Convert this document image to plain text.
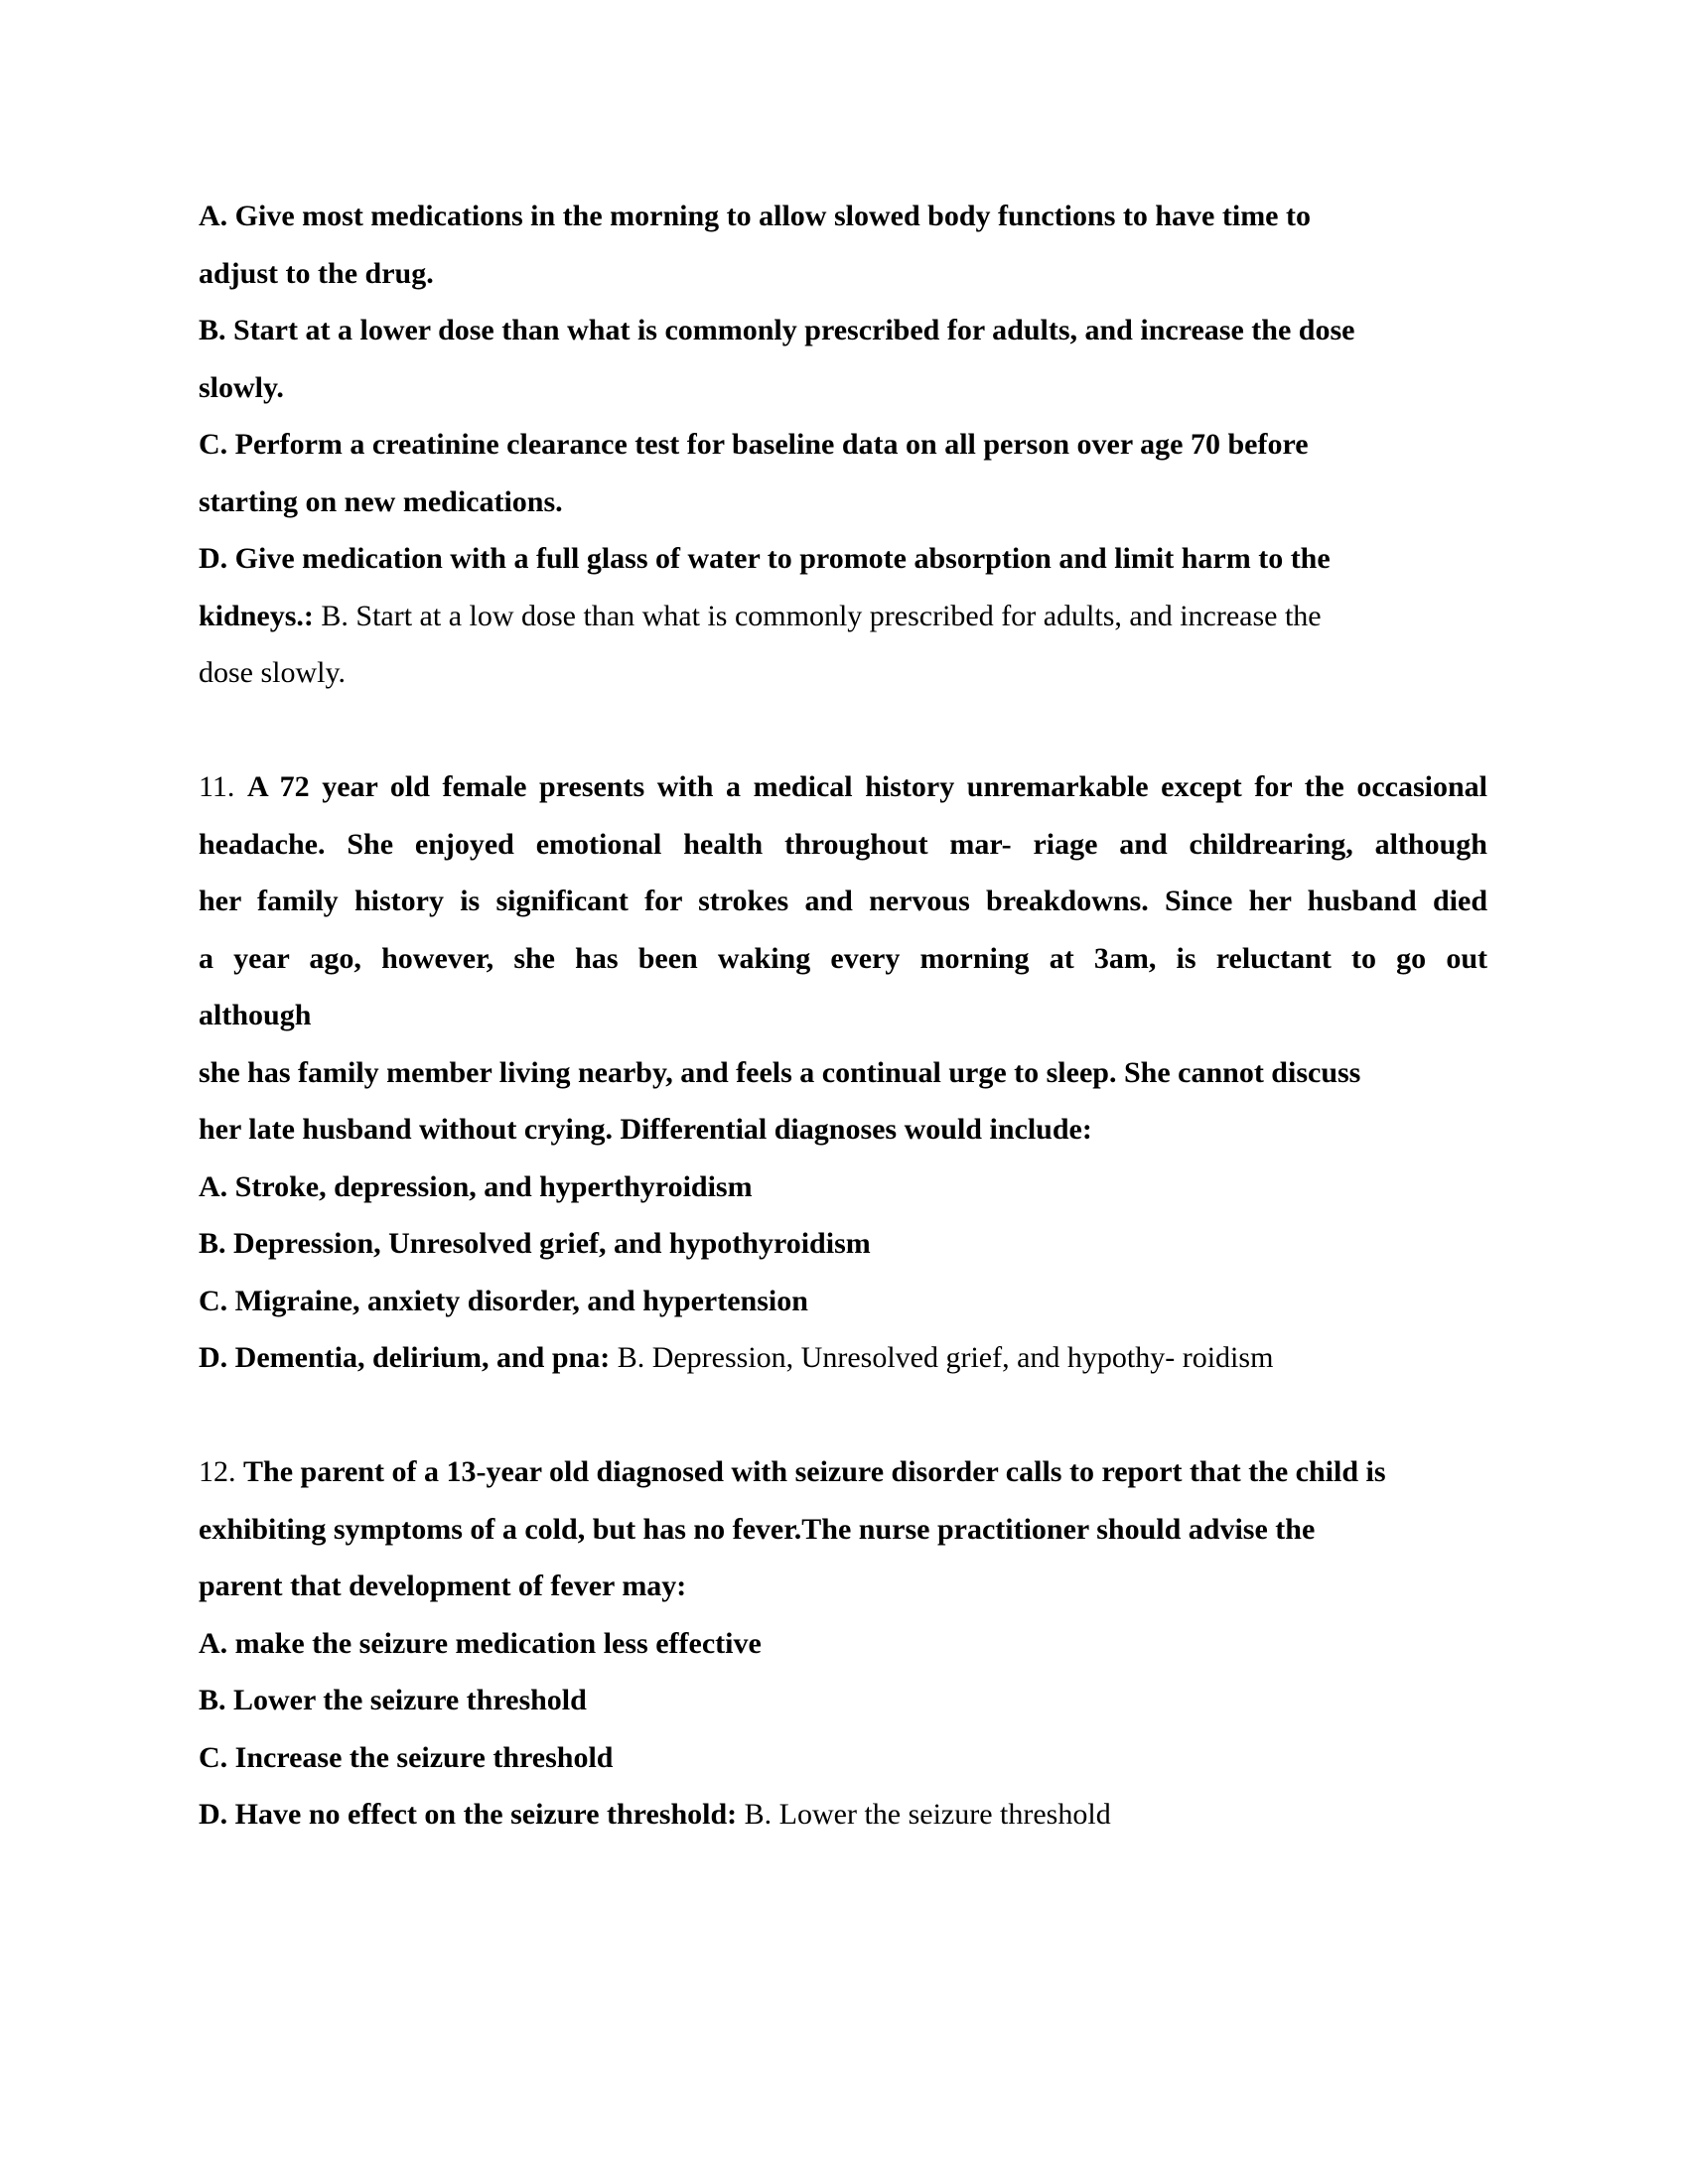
A. Give most medications in the morning to allow slowed body functions to have time to
adjust to the drug.
B. Start at a lower dose than what is commonly prescribed for adults, and increase the dose
slowly.
C. Perform a creatinine clearance test for baseline data on all person over age 70 before
starting on new medications.
D. Give medication with a full glass of water to promote absorption and limit harm to the
kidneys.: B. Start at a low dose than what is commonly prescribed for adults, and increase the
dose slowly.
11. A 72 year old female presents with a medical history unremarkable except for the occasional
headache. She enjoyed emotional health throughout mar- riage and childrearing, although
her family history is significant for strokes and nervous breakdowns. Since her husband died
a year ago, however, she has been waking every morning at 3am, is reluctant to go out
although
she has family member living nearby, and feels a continual urge to sleep. She cannot discuss
her late husband without crying. Differential diagnoses would include:
A. Stroke, depression, and hyperthyroidism
B. Depression, Unresolved grief, and hypothyroidism
C. Migraine, anxiety disorder, and hypertension
D. Dementia, delirium, and pna: B. Depression, Unresolved grief, and hypothy- roidism
12. The parent of a 13-year old diagnosed with seizure disorder calls to report that the child is
exhibiting symptoms of a cold, but has no fever.The nurse practitioner should advise the
parent that development of fever may:
A. make the seizure medication less effective
B. Lower the seizure threshold
C. Increase the seizure threshold
D. Have no effect on the seizure threshold: B. Lower the seizure threshold
